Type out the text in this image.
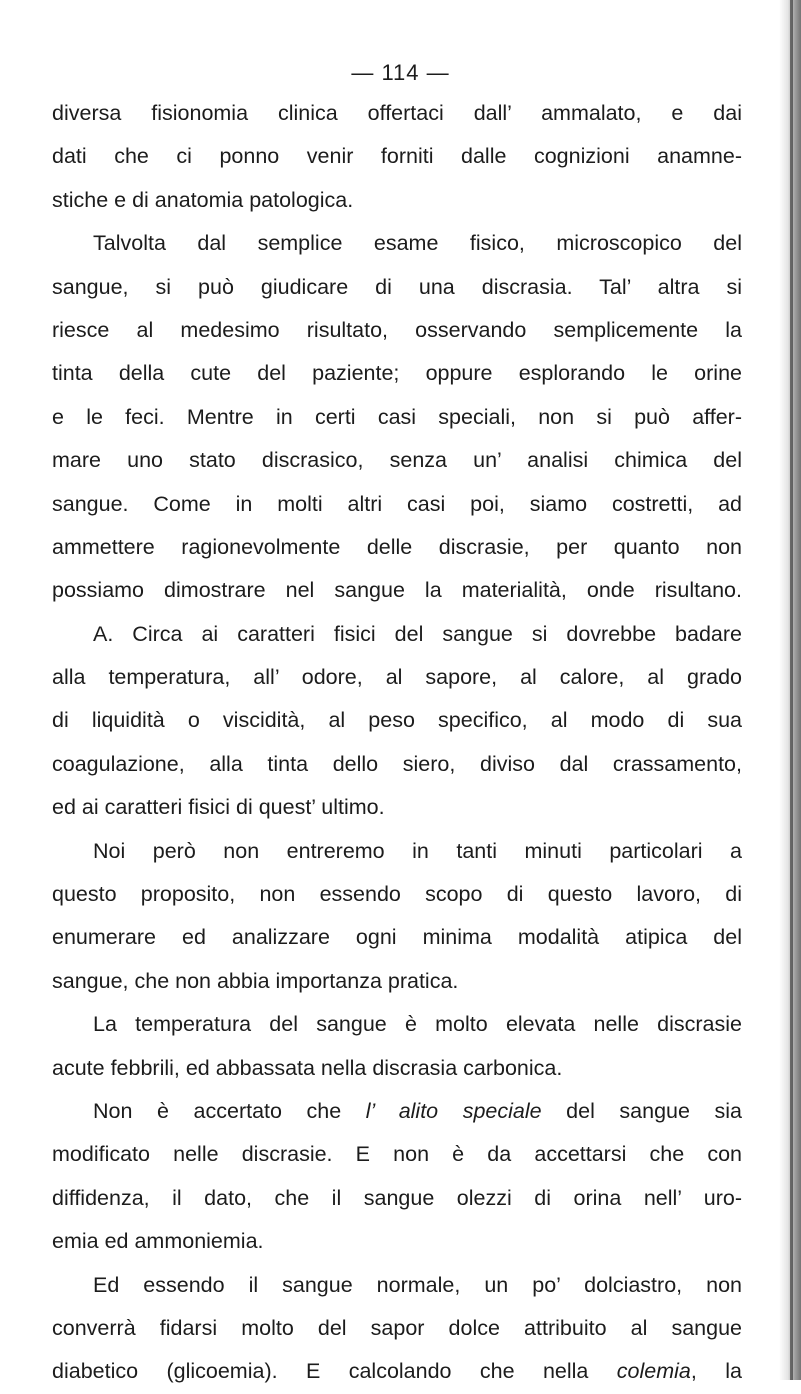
— 114 —
diversa fisionomia clinica offertaci dall’ ammalato, e dai
dati che ci ponno venir forniti dalle cognizioni anamne-
stiche e di anatomia patologica.
Talvolta dal semplice esame fisico, microscopico del
sangue, si può giudicare di una discrasia. Tal’ altra si
riesce al medesimo risultato, osservando semplicemente la
tinta della cute del paziente; oppure esplorando le orine
e le feci. Mentre in certi casi speciali, non si può affer-
mare uno stato discrasico, senza un’ analisi chimica del
sangue. Come in molti altri casi poi, siamo costretti, ad
ammettere ragionevolmente delle discrasie, per quanto non
possiamo dimostrare nel sangue la materialità, onde risultano.
A. Circa ai caratteri fisici del sangue si dovrebbe badare
alla temperatura, all’ odore, al sapore, al calore, al grado
di liquidità o viscidità, al peso specifico, al modo di sua
coagulazione, alla tinta dello siero, diviso dal crassamento,
ed ai caratteri fisici di quest’ ultimo.
Noi però non entreremo in tanti minuti particolari a
questo proposito, non essendo scopo di questo lavoro, di
enumerare ed analizzare ogni minima modalità atipica del
sangue, che non abbia importanza pratica.
La temperatura del sangue è molto elevata nelle discrasie
acute febbrili, ed abbassata nella discrasia carbonica.
Non è accertato che l’ alito speciale del sangue sia
modificato nelle discrasie. E non è da accettarsi che con
diffidenza, il dato, che il sangue olezzi di orina nell’ uro-
emia ed ammoniemia.
Ed essendo il sangue normale, un po’ dolciastro, non
converrà fidarsi molto del sapor dolce attribuito al sangue
diabetico (glicoemia). E calcolando che nella colemia, la
